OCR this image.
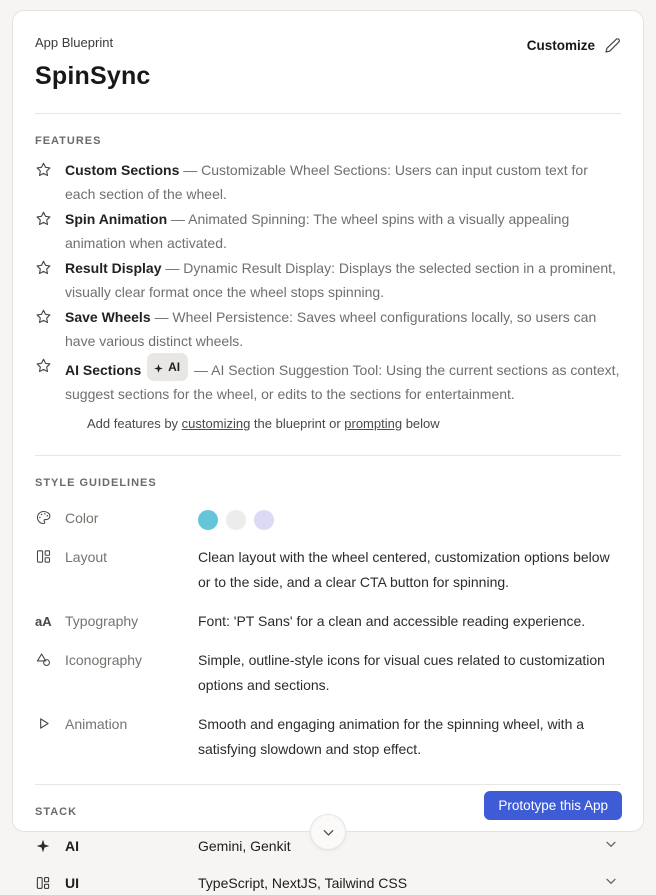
App Blueprint
SpinSync
Customize
FEATURES
Custom Sections — Customizable Wheel Sections: Users can input custom text for each section of the wheel.
Spin Animation — Animated Spinning: The wheel spins with a visually appealing animation when activated.
Result Display — Dynamic Result Display: Displays the selected section in a prominent, visually clear format once the wheel stops spinning.
Save Wheels — Wheel Persistence: Saves wheel configurations locally, so users can have various distinct wheels.
AI Sections AI — AI Section Suggestion Tool: Using the current sections as context, suggest sections for the wheel, or edits to the sections for entertainment.
Add features by customizing the blueprint or prompting below
STYLE GUIDELINES
Color
Layout	Clean layout with the wheel centered, customization options below or to the side, and a clear CTA button for spinning.
aA Typography	Font: 'PT Sans' for a clean and accessible reading experience.
Iconography	Simple, outline-style icons for visual cues related to customization options and sections.
Animation	Smooth and engaging animation for the spinning wheel, with a satisfying slowdown and stop effect.
STACK
AI	Gemini, Genkit
UI	TypeScript, NextJS, Tailwind CSS
Prototype this App
